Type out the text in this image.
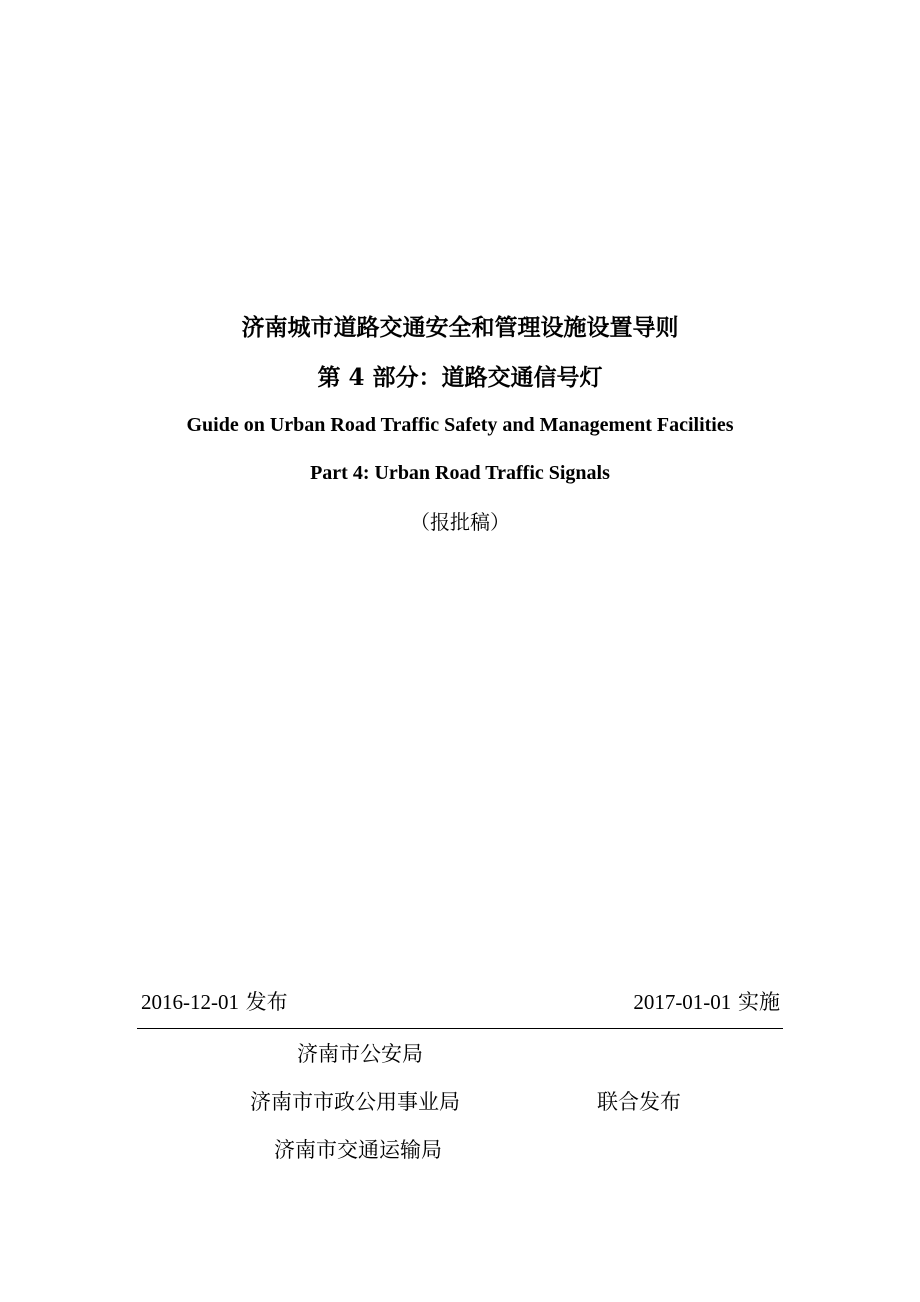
济南城市道路交通安全和管理设施设置导则
第 4 部分：道路交通信号灯
Guide on Urban Road Traffic Safety and Management Facilities
Part 4: Urban Road Traffic Signals
（报批稿）
2016-12-01 发布	2017-01-01 实施
济南市公安局
济南市市政公用事业局
济南市交通运输局
联合发布
